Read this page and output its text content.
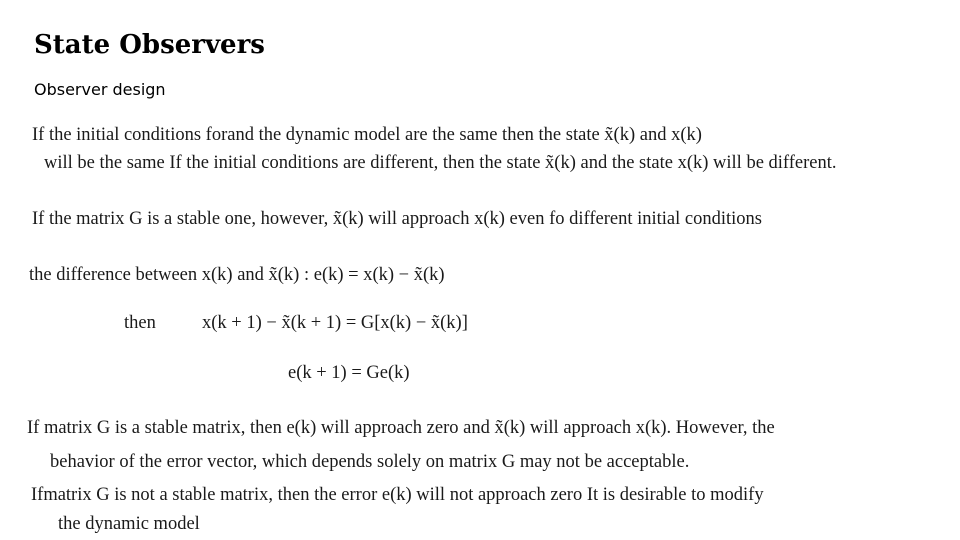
State Observers
Observer design
If the initial conditions forand the dynamic model are the same then the state x̃(k) and x(k)
will be the same If the initial conditions are different, then the state x̃(k) and the state x(k) will be different.
If the matrix G is a stable one, however, x̃(k) will approach x(k) even fo different initial conditions
the difference between x(k) and x̃(k) : e(k) = x(k) − x̃(k)
then x(k + 1) − x̃(k + 1) = G[x(k) − x̃(k)]
e(k + 1) = Ge(k)
If matrix G is a stable matrix, then e(k) will approach zero and x̃(k) will approach x(k). However, the
behavior of the error vector, which depends solely on matrix G may not be acceptable.
Ifmatrix G is not a stable matrix, then the error e(k) will not approach zero It is desirable to modify
the dynamic model
